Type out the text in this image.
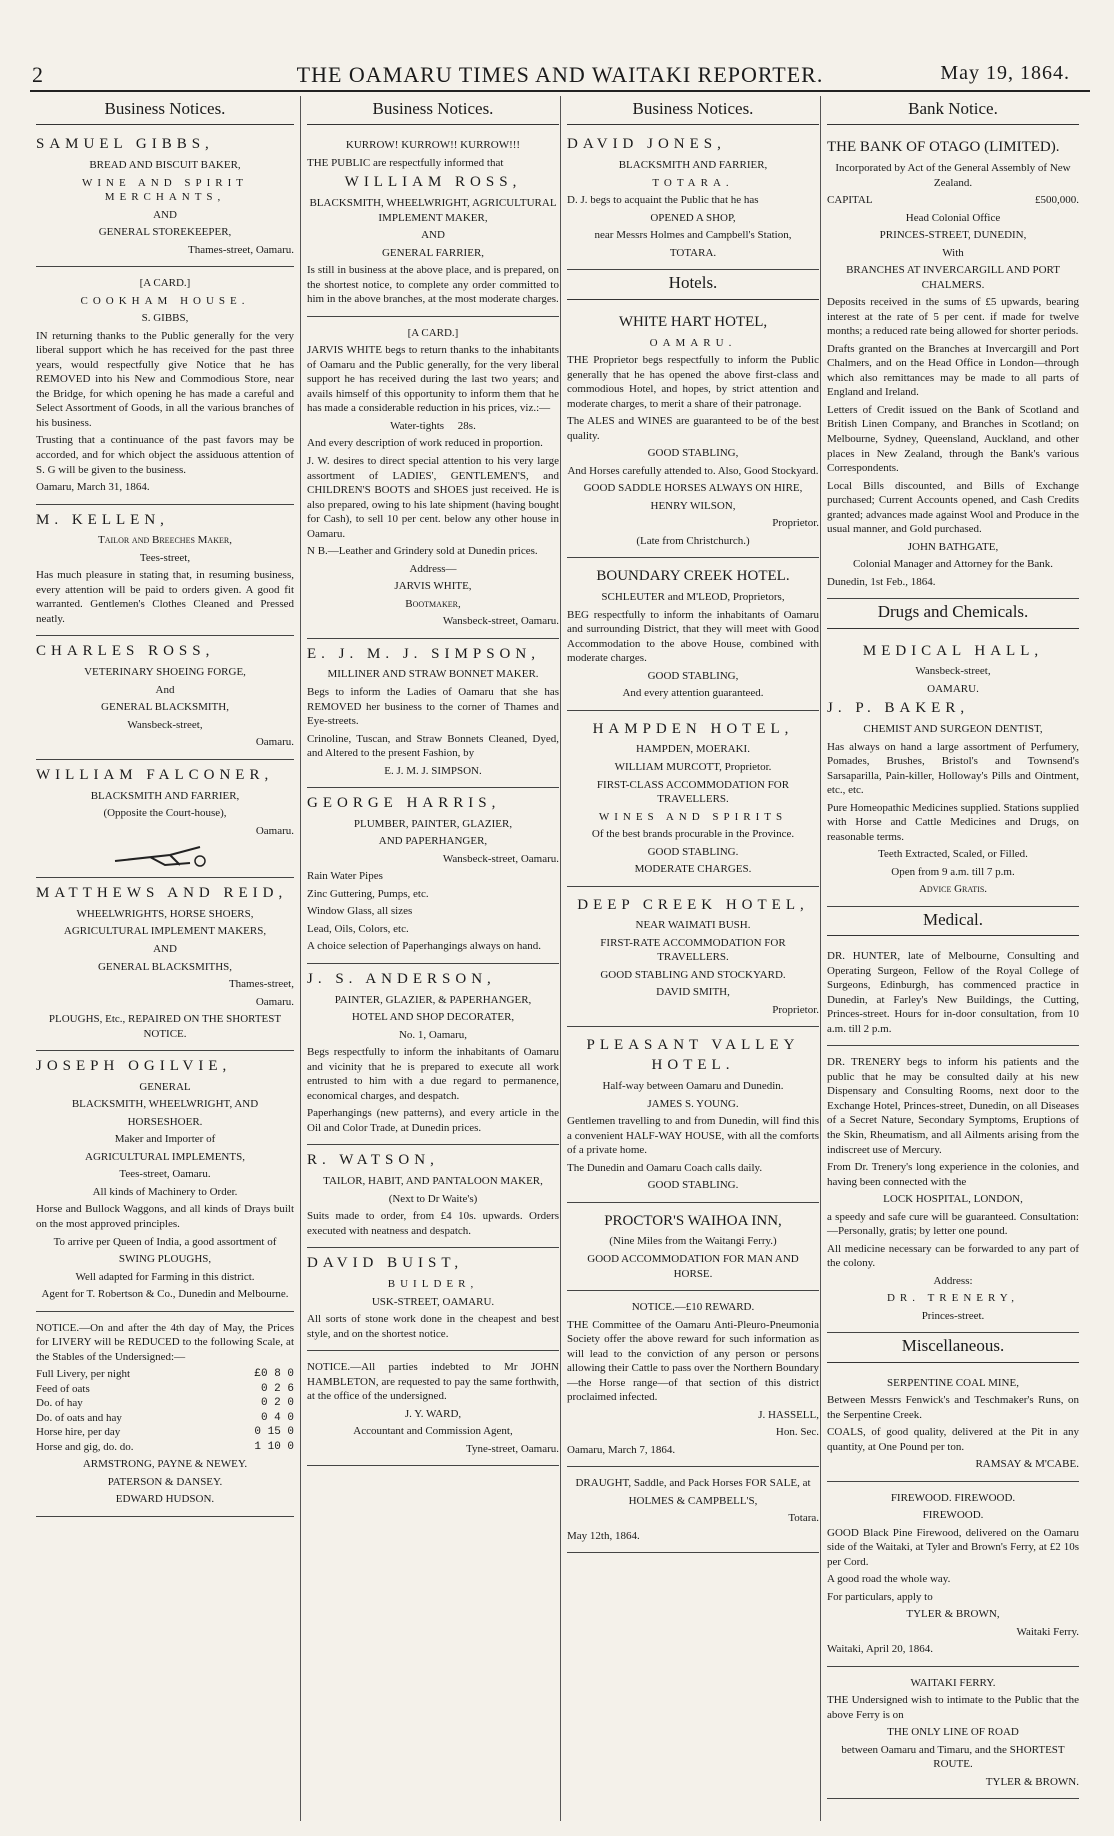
2	THE OAMARU TIMES AND WAITAKI REPORTER.	May 19, 1864.
Business Notices.
SAMUEL GIBBS,

BREAD AND BISCUIT BAKER,

WINE AND SPIRIT MERCHANTS,

AND

GENERAL STOREKEEPER,

Thames-street, Oamaru.

[A CARD.]

COOKHAM HOUSE.

S. GIBBS,

IN returning thanks to the Public generally for the very liberal support which he has received for the past three years, would respectfully give Notice that he has REMOVED into his New and Commodious Store, near the Bridge, for which opening he has made a careful and Select Assortment of Goods, in all the various branches of his business.

Trusting that a continuance of the past favors may be accorded, and for which object the assiduous attention of S. G will be given to the business.

Oamaru, March 31, 1864.

M. KELLEN,

Tailor and Breeches Maker,

Tees-street,

Has much pleasure in stating that, in resuming business, every attention will be paid to orders given. A good fit warranted. Gentlemen's Clothes Cleaned and Pressed neatly.

CHARLES ROSS,

VETERINARY SHOEING FORGE,

And

GENERAL BLACKSMITH,

Wansbeck-street,

Oamaru.

WILLIAM FALCONER,

BLACKSMITH AND FARRIER,

(Opposite the Court-house),

Oamaru.

MATTHEWS AND REID,

WHEELWRIGHTS, HORSE SHOERS,

AGRICULTURAL IMPLEMENT MAKERS,

AND

GENERAL BLACKSMITHS,

Thames-street,

Oamaru.

PLOUGHS, Etc., REPAIRED ON THE SHORTEST NOTICE.

JOSEPH OGILVIE,

GENERAL

BLACKSMITH, WHEELWRIGHT, AND

HORSESHOER.

Maker and Importer of

AGRICULTURAL IMPLEMENTS,

Tees-street, Oamaru.

All kinds of Machinery to Order.

Horse and Bullock Waggons, and all kinds of Drays built on the most approved principles.

To arrive per Queen of India, a good assortment of

SWING PLOUGHS,

Well adapted for Farming in this district.

Agent for T. Robertson & Co., Dunedin and Melbourne.

NOTICE.—On and after the 4th day of May, the Prices for LIVERY will be REDUCED to the following Scale, at the Stables of the Undersigned:—

Full Livery, per night	£0 8 0
Feed of oats	0 2 6
Do. of hay	0 2 0
Do. of oats and hay	0 4 0
Horse hire, per day	0 15 0
Horse and gig, do. do.	1 10 0

ARMSTRONG, PAYNE & NEWEY.

PATERSON & DANSEY.

EDWARD HUDSON.

Business Notices.

KURROW! KURROW!! KURROW!!!

THE PUBLIC are respectfully informed that

WILLIAM ROSS,

BLACKSMITH, WHEELWRIGHT, AGRICULTURAL IMPLEMENT MAKER,

AND

GENERAL FARRIER,

Is still in business at the above place, and is prepared, on the shortest notice, to complete any order committed to him in the above branches, at the most moderate charges.

[A CARD.]

JARVIS WHITE begs to return thanks to the inhabitants of Oamaru and the Public generally, for the very liberal support he has received during the last two years; and avails himself of this opportunity to inform them that he has made a considerable reduction in his prices, viz.:—

Water-tights 28s.

And every description of work reduced in proportion.

J. W. desires to direct special attention to his very large assortment of LADIES', GENTLEMEN'S, and CHILDREN'S BOOTS and SHOES just received. He is also prepared, owing to his late shipment (having bought for Cash), to sell 10 per cent. below any other house in Oamaru.

N B.—Leather and Grindery sold at Dunedin prices.

Address—

JARVIS WHITE,

Bootmaker,

Wansbeck-street, Oamaru.

E. J. M. J. SIMPSON,

MILLINER AND STRAW BONNET MAKER.

Begs to inform the Ladies of Oamaru that she has REMOVED her business to the corner of Thames and Eye-streets.

Crinoline, Tuscan, and Straw Bonnets Cleaned, Dyed, and Altered to the present Fashion, by

E. J. M. J. SIMPSON.

GEORGE HARRIS,

PLUMBER, PAINTER, GLAZIER,

AND PAPERHANGER,

Wansbeck-street, Oamaru.

Rain Water Pipes

Zinc Guttering, Pumps, etc.

Window Glass, all sizes

Lead, Oils, Colors, etc.

A choice selection of Paperhangings always on hand.

J. S. ANDERSON,

PAINTER, GLAZIER, & PAPERHANGER,

HOTEL AND SHOP DECORATER,

No. 1, Oamaru,

Begs respectfully to inform the inhabitants of Oamaru and vicinity that he is prepared to execute all work entrusted to him with a due regard to permanence, economical charges, and despatch.

Paperhangings (new patterns), and every article in the Oil and Color Trade, at Dunedin prices.

R. WATSON,

TAILOR, HABIT, AND PANTALOON MAKER,

(Next to Dr Waite's)

Suits made to order, from £4 10s. upwards. Orders executed with neatness and despatch.

DAVID BUIST,

BUILDER,

USK-STREET, OAMARU.

All sorts of stone work done in the cheapest and best style, and on the shortest notice.

NOTICE.—All parties indebted to Mr JOHN HAMBLETON, are requested to pay the same forthwith, at the office of the undersigned.

J. Y. WARD,

Accountant and Commission Agent,

Tyne-street, Oamaru.

Business Notices.
DAVID JONES,

BLACKSMITH AND FARRIER,

TOTARA.

D. J. begs to acquaint the Public that he has

OPENED A SHOP,

near Messrs Holmes and Campbell's Station,

TOTARA.

Hotels.

WHITE HART HOTEL,

OAMARU.

THE Proprietor begs respectfully to inform the Public generally that he has opened the above first-class and commodious Hotel, and hopes, by strict attention and moderate charges, to merit a share of their patronage.

The ALES and WINES are guaranteed to be of the best quality.

GOOD STABLING,

And Horses carefully attended to. Also, Good Stockyard.

GOOD SADDLE HORSES ALWAYS ON HIRE,

HENRY WILSON,

Proprietor.

(Late from Christchurch.)

BOUNDARY CREEK HOTEL.

SCHLEUTER and M'LEOD, Proprietors,

BEG respectfully to inform the inhabitants of Oamaru and surrounding District, that they will meet with Good Accommodation to the above House, combined with moderate charges.

GOOD STABLING,

And every attention guaranteed.

HAMPDEN HOTEL,

HAMPDEN, MOERAKI.

WILLIAM MURCOTT, Proprietor.

FIRST-CLASS ACCOMMODATION FOR TRAVELLERS.

WINES AND SPIRITS

Of the best brands procurable in the Province.

GOOD STABLING.

MODERATE CHARGES.

DEEP CREEK HOTEL,

NEAR WAIMATI BUSH.

FIRST-RATE ACCOMMODATION FOR TRAVELLERS.

GOOD STABLING AND STOCKYARD.

DAVID SMITH,

Proprietor.

PLEASANT VALLEY HOTEL.

Half-way between Oamaru and Dunedin.

JAMES S. YOUNG.

Gentlemen travelling to and from Dunedin, will find this a convenient HALF-WAY HOUSE, with all the comforts of a private home.

The Dunedin and Oamaru Coach calls daily.

GOOD STABLING.

PROCTOR'S WAIHOA INN,

(Nine Miles from the Waitangi Ferry.)

GOOD ACCOMMODATION FOR MAN AND HORSE.

NOTICE.—£10 REWARD.

THE Committee of the Oamaru Anti-Pleuro-Pneumonia Society offer the above reward for such information as will lead to the conviction of any person or persons allowing their Cattle to pass over the Northern Boundary—the Horse range—of that section of this district proclaimed infected.

J. HASSELL,

Hon. Sec.

Oamaru, March 7, 1864.

DRAUGHT, Saddle, and Pack Horses FOR SALE, at

HOLMES & CAMPBELL'S,

Totara.

May 12th, 1864.

Bank Notice.

THE BANK OF OTAGO (LIMITED).

Incorporated by Act of the General Assembly of New Zealand.

CAPITAL	£500,000.

Head Colonial Office

PRINCES-STREET, DUNEDIN,

With

BRANCHES AT INVERCARGILL AND PORT CHALMERS.

Deposits received in the sums of £5 upwards, bearing interest at the rate of 5 per cent. if made for twelve months; a reduced rate being allowed for shorter periods.

Drafts granted on the Branches at Invercargill and Port Chalmers, and on the Head Office in London—through which also remittances may be made to all parts of England and Ireland.

Letters of Credit issued on the Bank of Scotland and British Linen Company, and Branches in Scotland; on Melbourne, Sydney, Queensland, Auckland, and other places in New Zealand, through the Bank's various Correspondents.

Local Bills discounted, and Bills of Exchange purchased; Current Accounts opened, and Cash Credits granted; advances made against Wool and Produce in the usual manner, and Gold purchased.

JOHN BATHGATE,

Colonial Manager and Attorney for the Bank.

Dunedin, 1st Feb., 1864.

Drugs and Chemicals.

MEDICAL HALL,

Wansbeck-street,

OAMARU.

J. P. BAKER,

CHEMIST AND SURGEON DENTIST,

Has always on hand a large assortment of Perfumery, Pomades, Brushes, Bristol's and Townsend's Sarsaparilla, Pain-killer, Holloway's Pills and Ointment, etc., etc.

Pure Homeopathic Medicines supplied. Stations supplied with Horse and Cattle Medicines and Drugs, on reasonable terms.

Teeth Extracted, Scaled, or Filled.

Open from 9 a.m. till 7 p.m.

Advice Gratis.

Medical.

DR. HUNTER, late of Melbourne, Consulting and Operating Surgeon, Fellow of the Royal College of Surgeons, Edinburgh, has commenced practice in Dunedin, at Farley's New Buildings, the Cutting, Princes-street. Hours for in-door consultation, from 10 a.m. till 2 p.m.

DR. TRENERY begs to inform his patients and the public that he may be consulted daily at his new Dispensary and Consulting Rooms, next door to the Exchange Hotel, Princes-street, Dunedin, on all Diseases of a Secret Nature, Secondary Symptoms, Eruptions of the Skin, Rheumatism, and all Ailments arising from the indiscreet use of Mercury.

From Dr. Trenery's long experience in the colonies, and having been connected with the

LOCK HOSPITAL, LONDON,

a speedy and safe cure will be guaranteed. Consultation:—Personally, gratis; by letter one pound.

All medicine necessary can be forwarded to any part of the colony.

Address:

DR. TRENERY,

Princes-street.

Miscellaneous.

SERPENTINE COAL MINE,

Between Messrs Fenwick's and Teschmaker's Runs, on the Serpentine Creek.

COALS, of good quality, delivered at the Pit in any quantity, at One Pound per ton.

RAMSAY & M'CABE.

FIREWOOD. FIREWOOD.

FIREWOOD.

GOOD Black Pine Firewood, delivered on the Oamaru side of the Waitaki, at Tyler and Brown's Ferry, at £2 10s per Cord.

A good road the whole way.

For particulars, apply to

TYLER & BROWN,

Waitaki Ferry.

Waitaki, April 20, 1864.

WAITAKI FERRY.

THE Undersigned wish to intimate to the Public that the above Ferry is on

THE ONLY LINE OF ROAD

between Oamaru and Timaru, and the SHORTEST ROUTE.

TYLER & BROWN.
